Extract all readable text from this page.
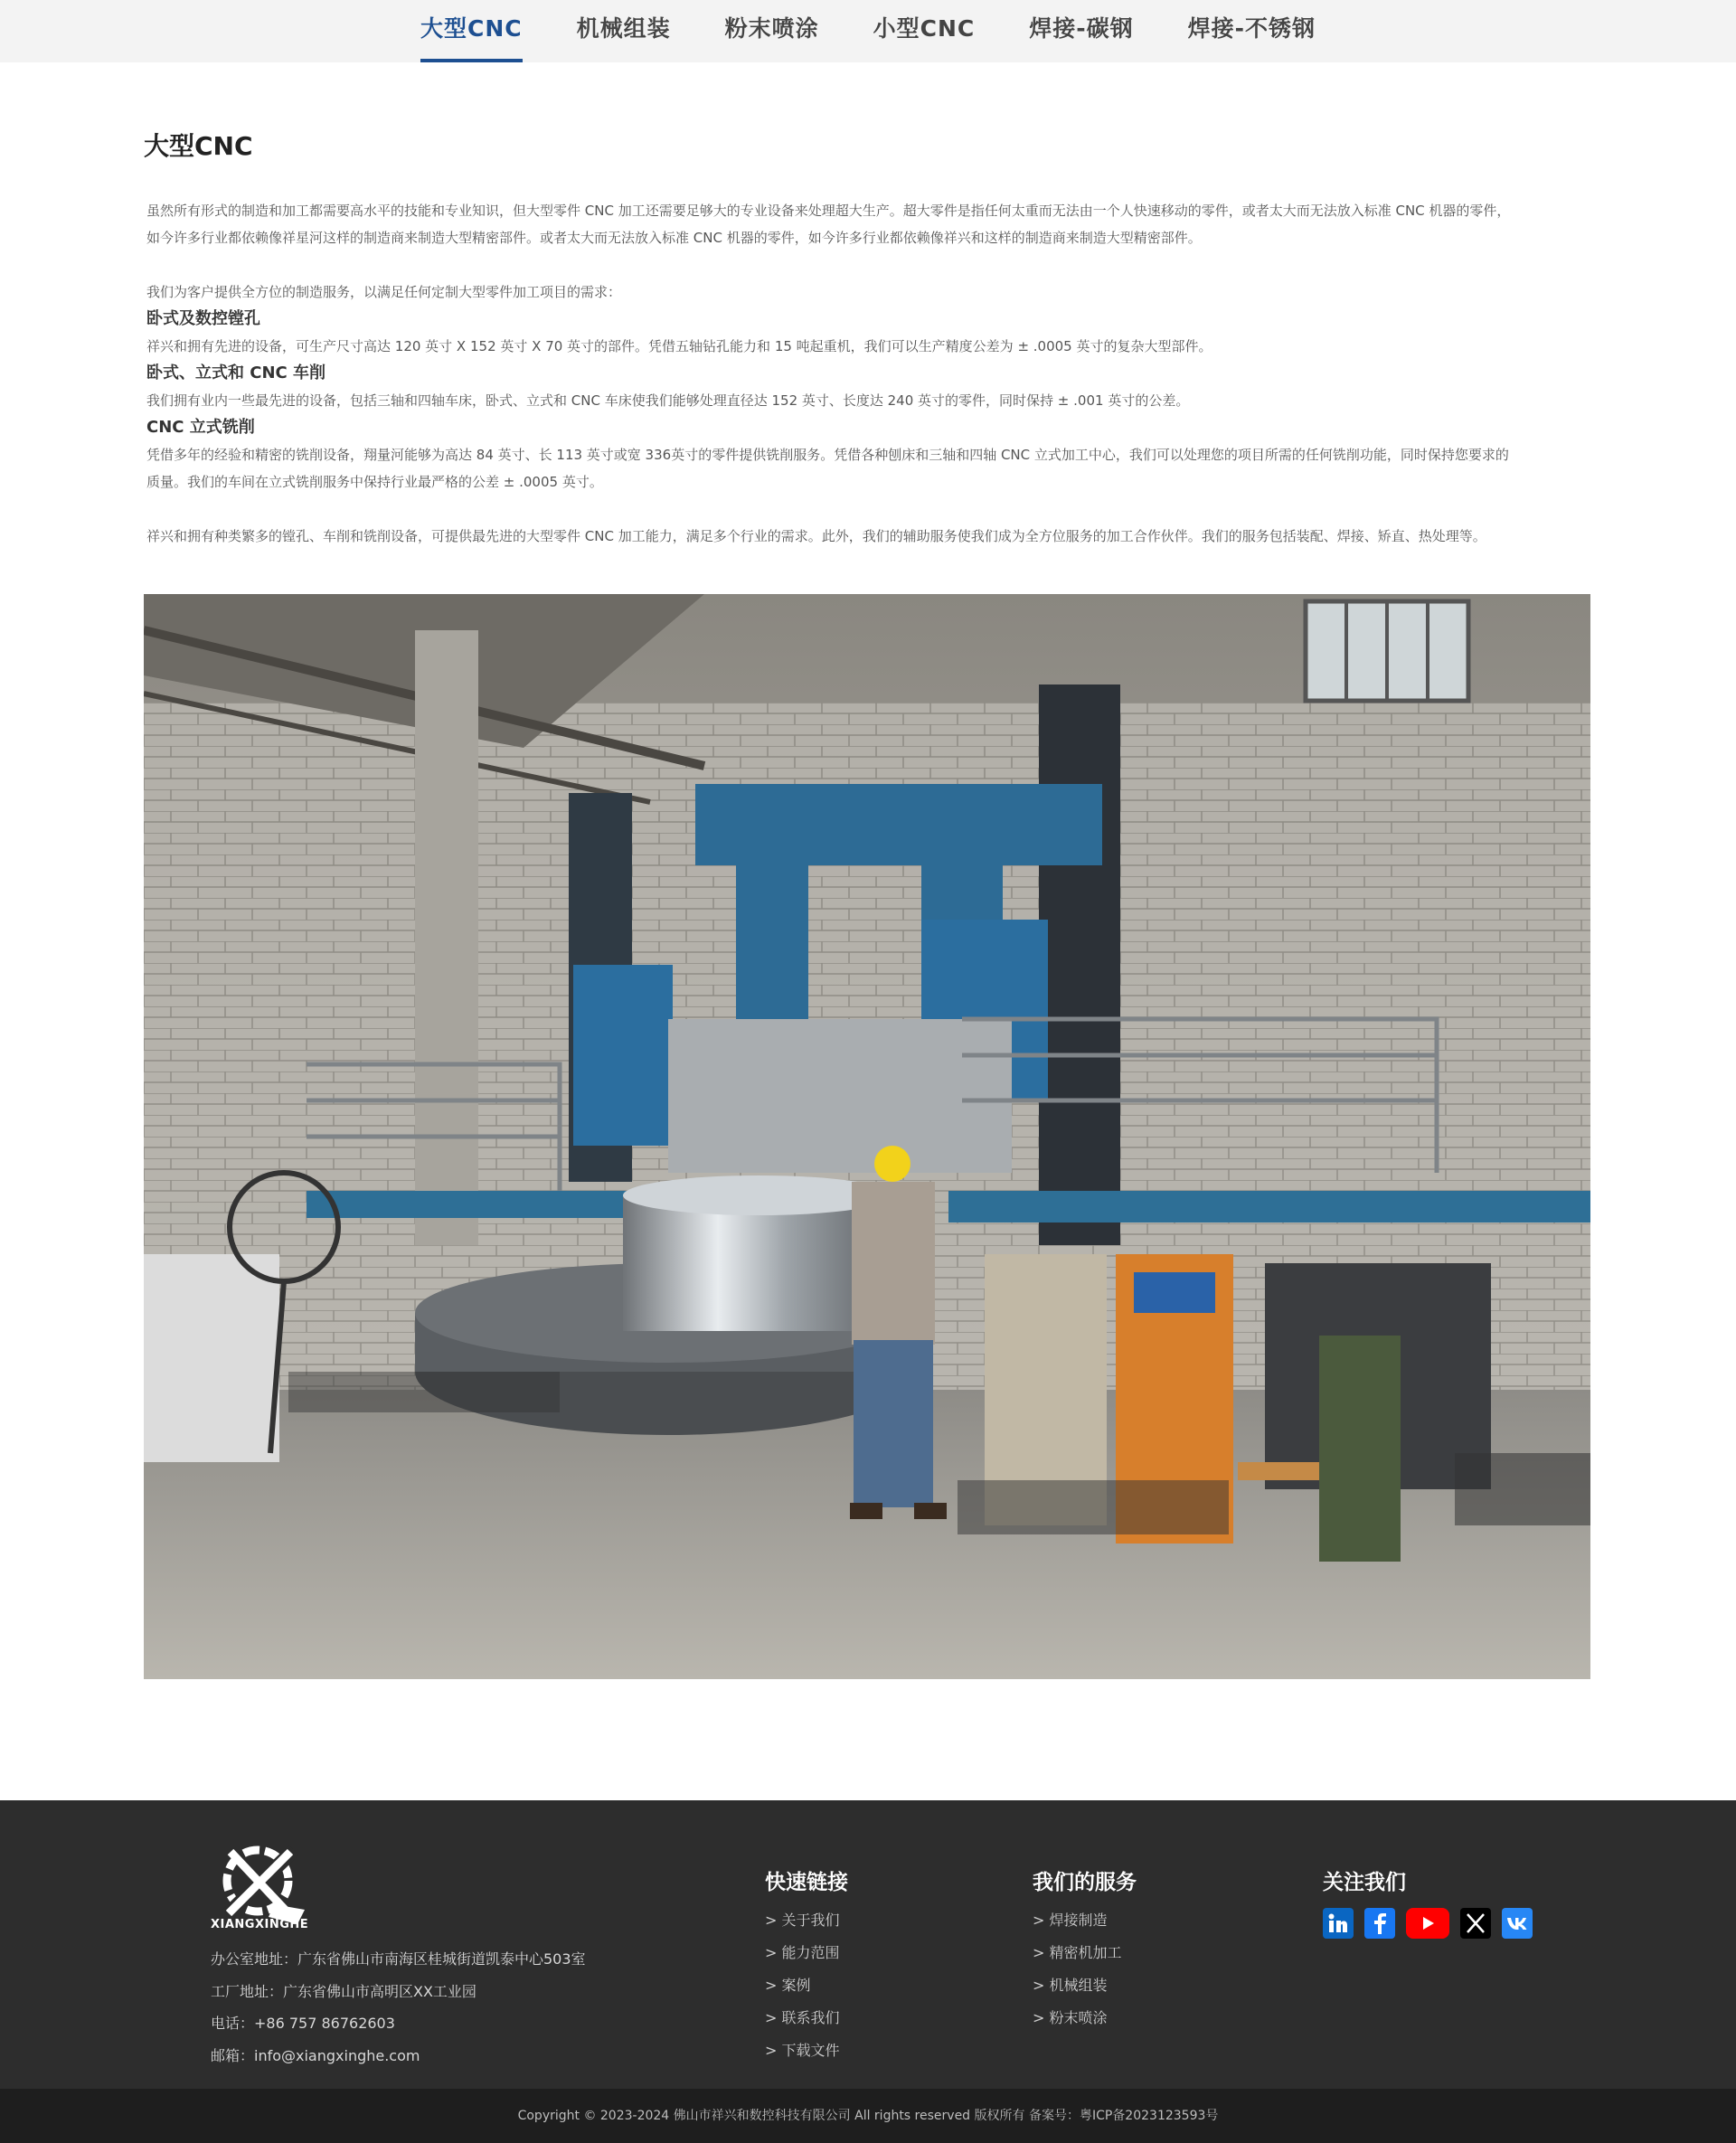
大型CNC	机械组装	粉末喷涂	小型CNC	焊接-碳钢	焊接-不锈钢
大型CNC

虽然所有形式的制造和加工都需要高水平的技能和专业知识，但大型零件 CNC 加工还需要足够大的专业设备来处理超大生产。超大零件是指任何太重而无法由一个人快速移动的零件，或者太大而无法放入标准 CNC 机器的零件，

如今许多行业都依赖像祥星河这样的制造商来制造大型精密部件。或者太大而无法放入标准 CNC 机器的零件，如今许多行业都依赖像祥兴和这样的制造商来制造大型精密部件。

我们为客户提供全方位的制造服务，以满足任何定制大型零件加工项目的需求：

卧式及数控镗孔

祥兴和拥有先进的设备，可生产尺寸高达 120 英寸 X 152 英寸 X 70 英寸的部件。凭借五轴钻孔能力和 15 吨起重机，我们可以生产精度公差为 ± .0005 英寸的复杂大型部件。

卧式、立式和 CNC 车削

我们拥有业内一些最先进的设备，包括三轴和四轴车床，卧式、立式和 CNC 车床使我们能够处理直径达 152 英寸、长度达 240 英寸的零件，同时保持 ± .001 英寸的公差。

CNC 立式铣削

凭借多年的经验和精密的铣削设备，翔量河能够为高达 84 英寸、长 113 英寸或宽 336英寸的零件提供铣削服务。凭借各种刨床和三轴和四轴 CNC 立式加工中心，我们可以处理您的项目所需的任何铣削功能，同时保持您要求的

质量。我们的车间在立式铣削服务中保持行业最严格的公差 ± .0005 英寸。

祥兴和拥有种类繁多的镗孔、车削和铣削设备，可提供最先进的大型零件 CNC 加工能力，满足多个行业的需求。此外，我们的辅助服务使我们成为全方位服务的加工合作伙伴。我们的服务包括装配、焊接、矫直、热处理等。

XIANGXINGHE
办公室地址：广东省佛山市南海区桂城街道凯泰中心503室
工厂地址：广东省佛山市高明区XX工业园
电话：+86 757 86762603
邮箱：info@xiangxinghe.com
快速链接
> 关于我们
> 能力范围
> 案例
> 联系我们
> 下载文件
我们的服务
> 焊接制造
> 精密机加工
> 机械组装
> 粉末喷涂
关注我们
Copyright © 2023-2024 佛山市祥兴和数控科技有限公司 All rights reserved 版权所有 备案号：粤ICP备2023123593号
